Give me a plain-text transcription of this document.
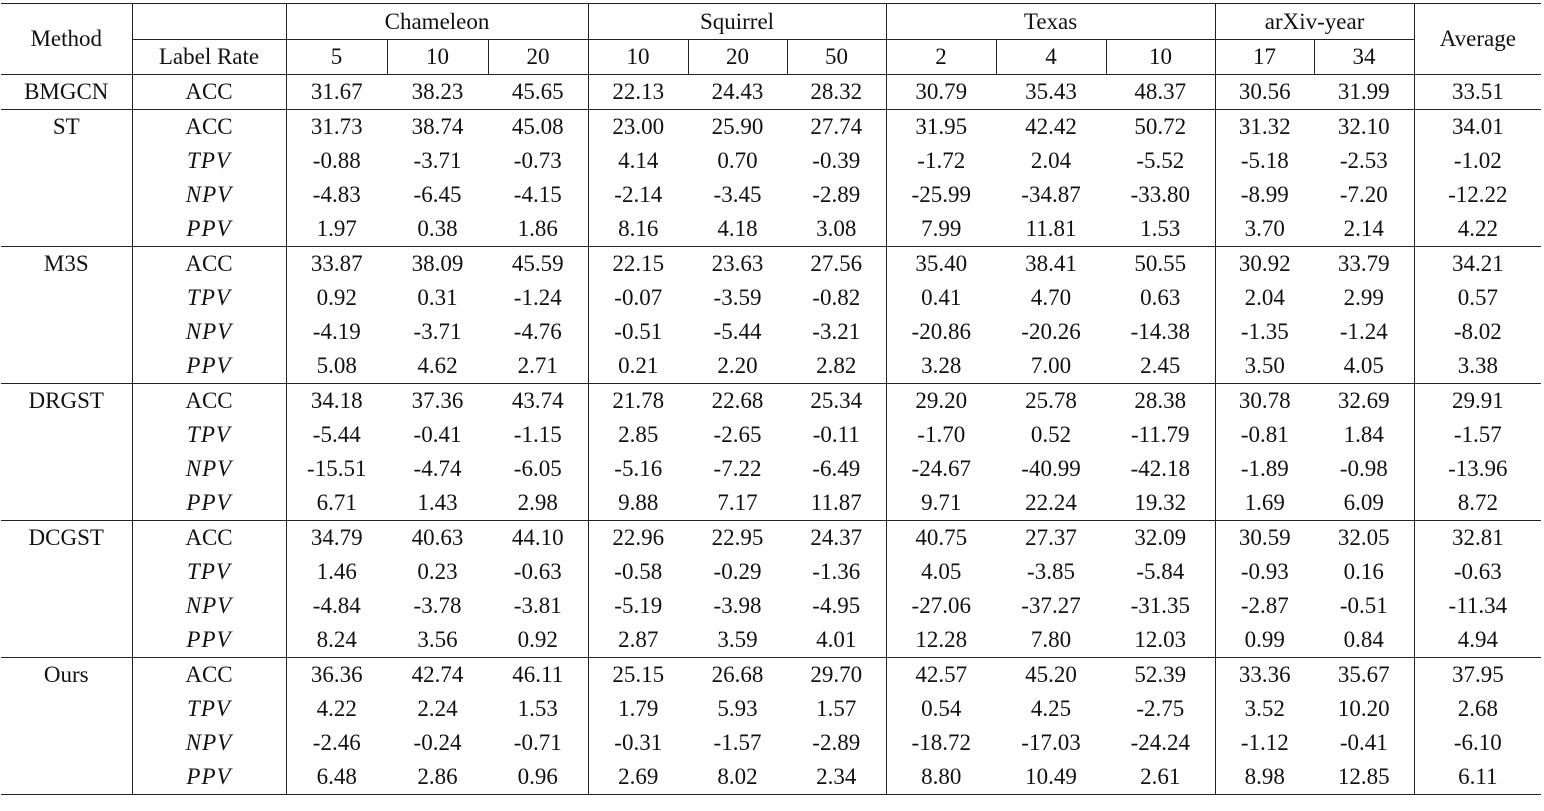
Method		Chameleon			Squirrel			Texas			arXiv-year		Average
	Label Rate	5	10	20	10	20	50	2	4	10	17	34	
BMGCN	ACC	31.67	38.23	45.65	22.13	24.43	28.32	30.79	35.43	48.37	30.56	31.99	33.51
ST	ACC	31.73	38.74	45.08	23.00	25.90	27.74	31.95	42.42	50.72	31.32	32.10	34.01
	TPV	-0.88	-3.71	-0.73	4.14	0.70	-0.39	-1.72	2.04	-5.52	-5.18	-2.53	-1.02
	NPV	-4.83	-6.45	-4.15	-2.14	-3.45	-2.89	-25.99	-34.87	-33.80	-8.99	-7.20	-12.22
	PPV	1.97	0.38	1.86	8.16	4.18	3.08	7.99	11.81	1.53	3.70	2.14	4.22
M3S	ACC	33.87	38.09	45.59	22.15	23.63	27.56	35.40	38.41	50.55	30.92	33.79	34.21
	TPV	0.92	0.31	-1.24	-0.07	-3.59	-0.82	0.41	4.70	0.63	2.04	2.99	0.57
	NPV	-4.19	-3.71	-4.76	-0.51	-5.44	-3.21	-20.86	-20.26	-14.38	-1.35	-1.24	-8.02
	PPV	5.08	4.62	2.71	0.21	2.20	2.82	3.28	7.00	2.45	3.50	4.05	3.38
DRGST	ACC	34.18	37.36	43.74	21.78	22.68	25.34	29.20	25.78	28.38	30.78	32.69	29.91
	TPV	-5.44	-0.41	-1.15	2.85	-2.65	-0.11	-1.70	0.52	-11.79	-0.81	1.84	-1.57
	NPV	-15.51	-4.74	-6.05	-5.16	-7.22	-6.49	-24.67	-40.99	-42.18	-1.89	-0.98	-13.96
	PPV	6.71	1.43	2.98	9.88	7.17	11.87	9.71	22.24	19.32	1.69	6.09	8.72
DCGST	ACC	34.79	40.63	44.10	22.96	22.95	24.37	40.75	27.37	32.09	30.59	32.05	32.81
	TPV	1.46	0.23	-0.63	-0.58	-0.29	-1.36	4.05	-3.85	-5.84	-0.93	0.16	-0.63
	NPV	-4.84	-3.78	-3.81	-5.19	-3.98	-4.95	-27.06	-37.27	-31.35	-2.87	-0.51	-11.34
	PPV	8.24	3.56	0.92	2.87	3.59	4.01	12.28	7.80	12.03	0.99	0.84	4.94
Ours	ACC	36.36	42.74	46.11	25.15	26.68	29.70	42.57	45.20	52.39	33.36	35.67	37.95
	TPV	4.22	2.24	1.53	1.79	5.93	1.57	0.54	4.25	-2.75	3.52	10.20	2.68
	NPV	-2.46	-0.24	-0.71	-0.31	-1.57	-2.89	-18.72	-17.03	-24.24	-1.12	-0.41	-6.10
	PPV	6.48	2.86	0.96	2.69	8.02	2.34	8.80	10.49	2.61	8.98	12.85	6.11
